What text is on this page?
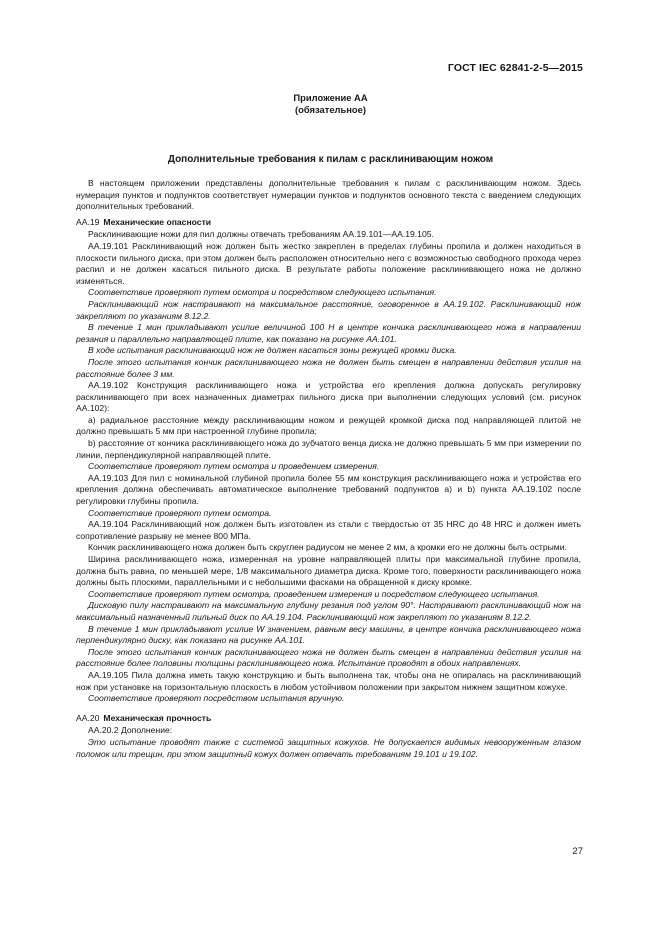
ГОСТ IEC 62841-2-5—2015
Приложение АА
(обязательное)
Дополнительные требования к пилам с расклинивающим ножом

В настоящем приложении представлены дополнительные требования к пилам с расклинивающим ножом. Здесь нумерация пунктов и подпунктов соответствует нумерации пунктов и подпунктов основного текста с введением следующих дополнительных требований.

АА.19 Механические опасности

Расклинивающие ножи для пил должны отвечать требованиям АА.19.101—АА.19.105.

АА.19.101 Расклинивающий нож должен быть жестко закреплен в пределах глубины пропила и должен находиться в плоскости пильного диска, при этом должен быть расположен относительно него с возможностью свободного прохода через распил и не должен касаться пильного диска. В результате работы положение расклинивающего ножа не должно изменяться.

Соответствие проверяют путем осмотра и посредством следующего испытания.

Расклинивающий нож настраивают на максимальное расстояние, оговоренное в АА.19.102. Расклинивающий нож закрепляют по указаниям 8.12.2.

В течение 1 мин прикладывают усилие величиной 100 Н в центре кончика расклинивающего ножа в направлении резания и параллельно направляющей плите, как показано на рисунке АА.101.

В ходе испытания расклинивающий нож не должен касаться зоны режущей кромки диска.

После этого испытания кончик расклинивающего ножа не должен быть смещен в направлении действия усилия на расстояние более 3 мм.

АА.19.102 Конструкция расклинивающего ножа и устройства его крепления должна допускать регулировку расклинивающего при всех назначенных диаметрах пильного диска при выполнении следующих условий (см. рисунок АА.102):

а) радиальное расстояние между расклинивающим ножом и режущей кромкой диска под направляющей плитой не должно превышать 5 мм при настроенной глубине пропила;

b) расстояние от кончика расклинивающего ножа до зубчатого венца диска не должно превышать 5 мм при измерении по линии, перпендикулярной направляющей плите.

Соответствие проверяют путем осмотра и проведением измерения.

АА.19.103 Для пил с номинальной глубиной пропила более 55 мм конструкция расклинивающего ножа и устройства его крепления должна обеспечивать автоматическое выполнение требований подпунктов а) и b) пункта АА.19.102 после регулировки глубины пропила.

Соответствие проверяют путем осмотра.

АА.19.104 Расклинивающий нож должен быть изготовлен из стали с твердостью от 35 HRC до 48 HRC и должен иметь сопротивление разрыву не менее 800 МПа.

Кончик расклинивающего ножа должен быть скруглен радиусом не менее 2 мм, а кромки его не должны быть острыми.

Ширина расклинивающего ножа, измеренная на уровне направляющей плиты при максимальной глубине пропила, должна быть равна, по меньшей мере, 1/8 максимального диаметра диска. Кроме того, поверхности расклинивающего ножа должны быть плоскими, параллельными и с небольшими фасками на обращенной к диску кромке.

Соответствие проверяют путем осмотра, проведением измерения и посредством следующего испытания.

Дисковую пилу настраивают на максимальную глубину резания под углом 90°. Настраивают расклинивающий нож на максимальный назначенный пильный диск по АА.19.104. Расклинивающий нож закрепляют по указаниям 8.12.2.

В течение 1 мин прикладывают усилие W значением, равным весу машины, в центре кончика расклинивающего ножа перпендикулярно диску, как показано на рисунке АА.101.

После этого испытания кончик расклинивающего ножа не должен быть смещен в направлении действия усилия на расстояние более половины толщины расклинивающего ножа. Испытание проводят в обоих направлениях.

АА.19.105 Пила должна иметь такую конструкцию и быть выполнена так, чтобы она не опиралась на расклинивающий нож при установке на горизонтальную плоскость в любом устойчивом положении при закрытом нижнем защитном кожухе.

Соответствие проверяют посредством испытания вручную.

АА.20 Механическая прочность

АА.20.2 Дополнение:

Это испытание проводят также с системой защитных кожухов. Не допускается видимых невооруженным глазом поломок или трещин, при этом защитный кожух должен отвечать требованиям 19.101 и 19.102.

27
